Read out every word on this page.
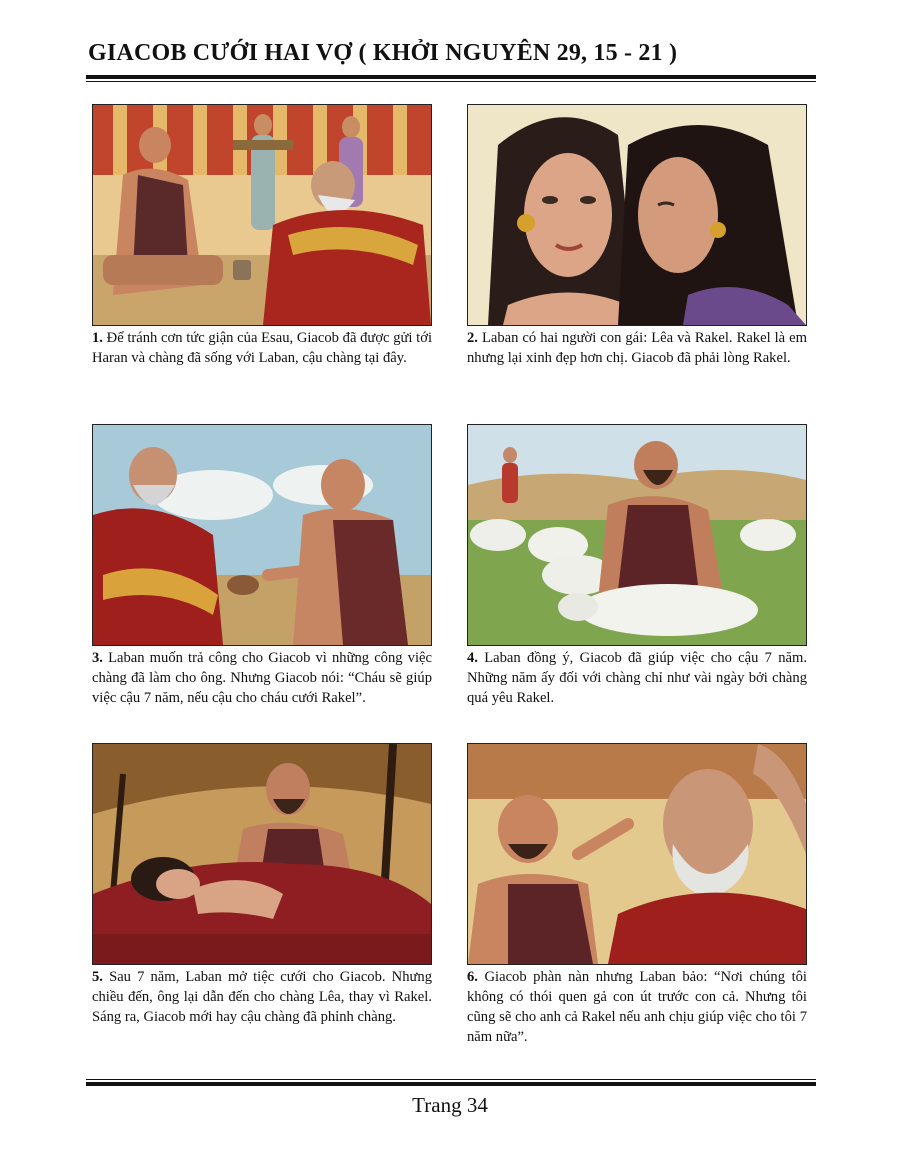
GIACOB CƯỚI HAI VỢ ( KHỞI NGUYÊN 29, 15 - 21 )
1. Để tránh cơn tức giận của Esau, Giacob đã được gửi tới Haran và chàng đã sống với Laban, cậu chàng tại đây.
2. Laban có hai người con gái: Lêa và Rakel. Rakel là em nhưng lại xinh đẹp hơn chị. Giacob đã phải lòng Rakel.
3. Laban muốn trả công cho Giacob vì những công việc chàng đã làm cho ông. Nhưng Giacob nói: “Cháu sẽ giúp việc cậu 7 năm, nếu cậu cho cháu cưới Rakel”.
4. Laban đồng ý, Giacob đã giúp việc cho cậu 7 năm. Những năm ấy đối với chàng chỉ như vài ngày bởi chàng quá yêu Rakel.
5. Sau 7 năm, Laban mở tiệc cưới cho Giacob. Nhưng chiều đến, ông lại dẫn đến cho chàng Lêa, thay vì Rakel. Sáng ra, Giacob mới hay cậu chàng đã phỉnh chàng.
6. Giacob phàn nàn nhưng Laban bảo: “Nơi chúng tôi không có thói quen gả con út trước con cả. Nhưng tôi cũng sẽ cho anh cả Rakel nếu anh chịu giúp việc cho tôi 7 năm nữa”.
Trang 34
